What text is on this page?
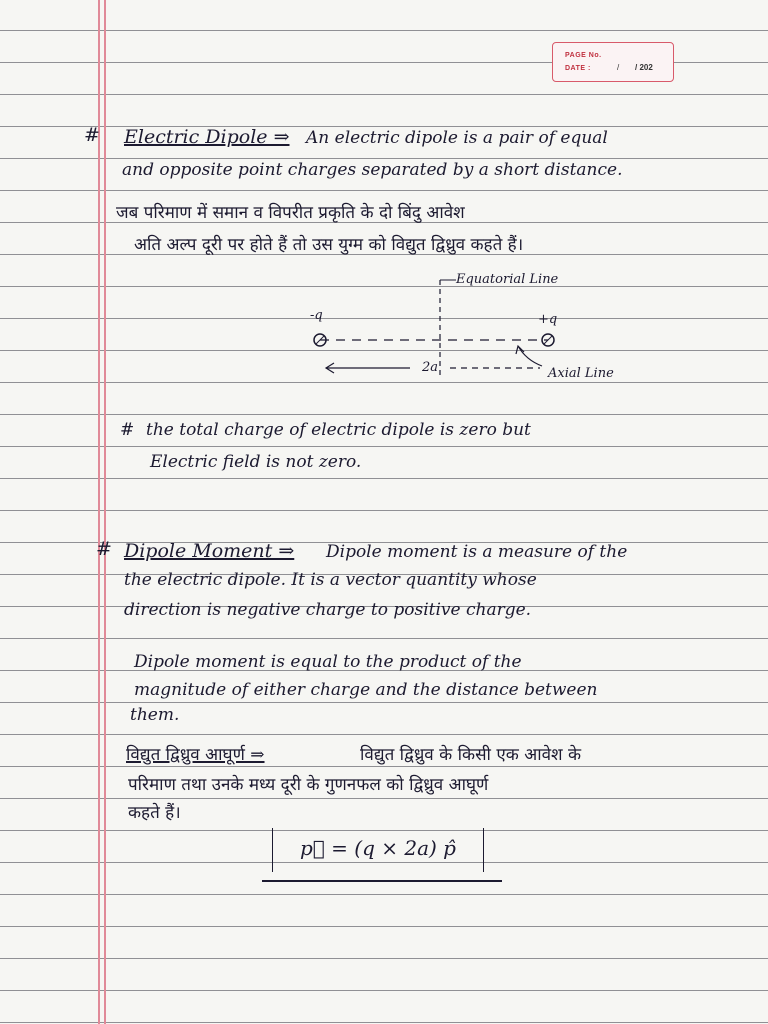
PAGE No.
DATE :	/ / 202
# Electric Dipole ⇒ An electric dipole is a pair of equal
and opposite point charges separated by a short distance.
जब परिमाण में समान व विपरीत प्रकृति के दो बिंदु आवेश
अति अल्प दूरी पर होते हैं तो उस युग्म को विद्युत द्विध्रुव कहते हैं।
Equatorial Line
-q	+q
2a	Axial Line
# the total charge of electric dipole is zero but
Electric field is not zero.
# Dipole Moment ⇒ Dipole moment is a measure of the
the electric dipole. It is a vector quantity whose
direction is negative charge to positive charge.
Dipole moment is equal to the product of the
magnitude of either charge and the distance between
them.
विद्युत द्विध्रुव आघूर्ण ⇒	विद्युत द्विध्रुव के किसी एक आवेश के
परिमाण तथा उनके मध्य दूरी के गुणनफल को द्विध्रुव आघूर्ण
कहते हैं।
p⃗ = (q × 2a) p̂
